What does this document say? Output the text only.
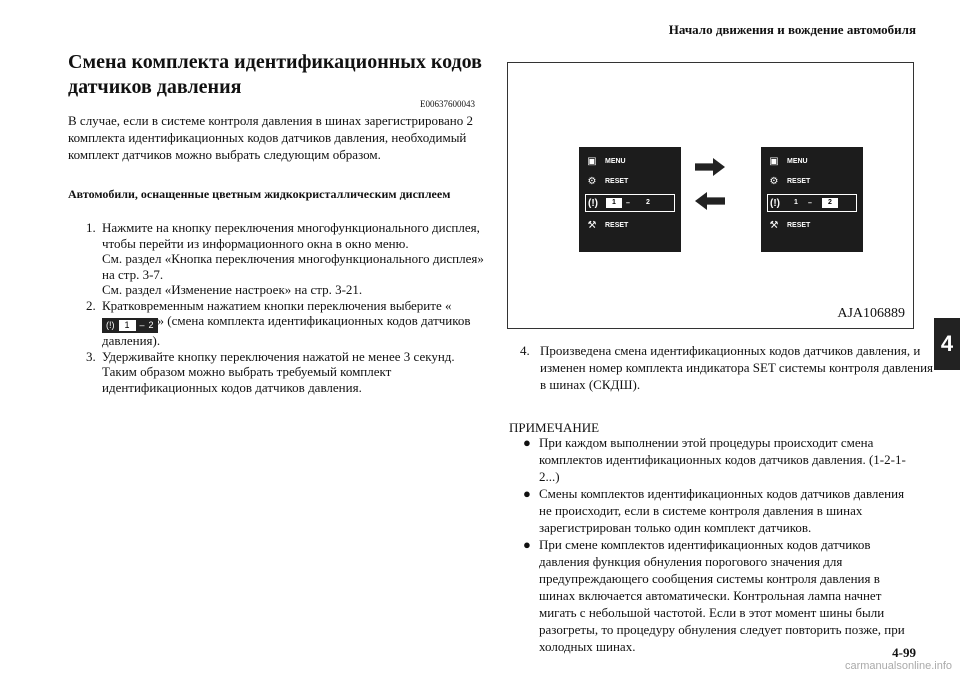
Начало движения и вождение автомобиля
4
Смена комплекта идентификационных кодов датчиков давления
E00637600043
В случае, если в системе контроля давления в шинах зарегистрировано 2 комплекта идентификационных кодов датчиков давления, необходимый комплект датчиков можно выбрать следующим образом.
Автомобили, оснащенные цветным жидкокристаллическим дисплеем
1. Нажмите на кнопку переключения многофункционального дисплея, чтобы перейти из информационного окна в окно меню.
См. раздел «Кнопка переключения многофункционального дисплея» на стр. 3-7.
См. раздел «Изменение настроек» на стр. 3-21.
2. Кратковременным нажатием кнопки переключения выберите «
(!)	1	– 2 » (смена комплекта идентификационных кодов датчиков давления).
3. Удерживайте кнопку переключения нажатой не менее 3 секунд. Таким образом можно выбрать требуемый комплект идентификационных кодов датчиков давления.
▣	MENU
⚙	RESET
(!)	1	–	2
⚒	RESET
▣	MENU
⚙	RESET
(!)	1	–	2
⚒	RESET
AJA106889
4. Произведена смена идентификационных кодов датчиков давления, и изменен номер комплекта индикатора SET системы контроля давления в шинах (СКДШ).
ПРИМЕЧАНИЕ
● При каждом выполнении этой процедуры происходит смена комплектов идентификационных кодов датчиков давления. (1-2-1-2...)
● Смены комплектов идентификационных кодов датчиков давления не происходит, если в системе контроля давления в шинах зарегистрирован только один комплект датчиков.
● При смене комплектов идентификационных кодов датчиков давления функция обнуления порогового значения для предупреждающего сообщения системы контроля давления в шинах включается автоматически. Контрольная лампа начнет мигать с небольшой частотой. Если в этот момент шины были разогреты, то процедуру обнуления следует повторить позже, при холодных шинах.	4-99
carmanualsonline.info
